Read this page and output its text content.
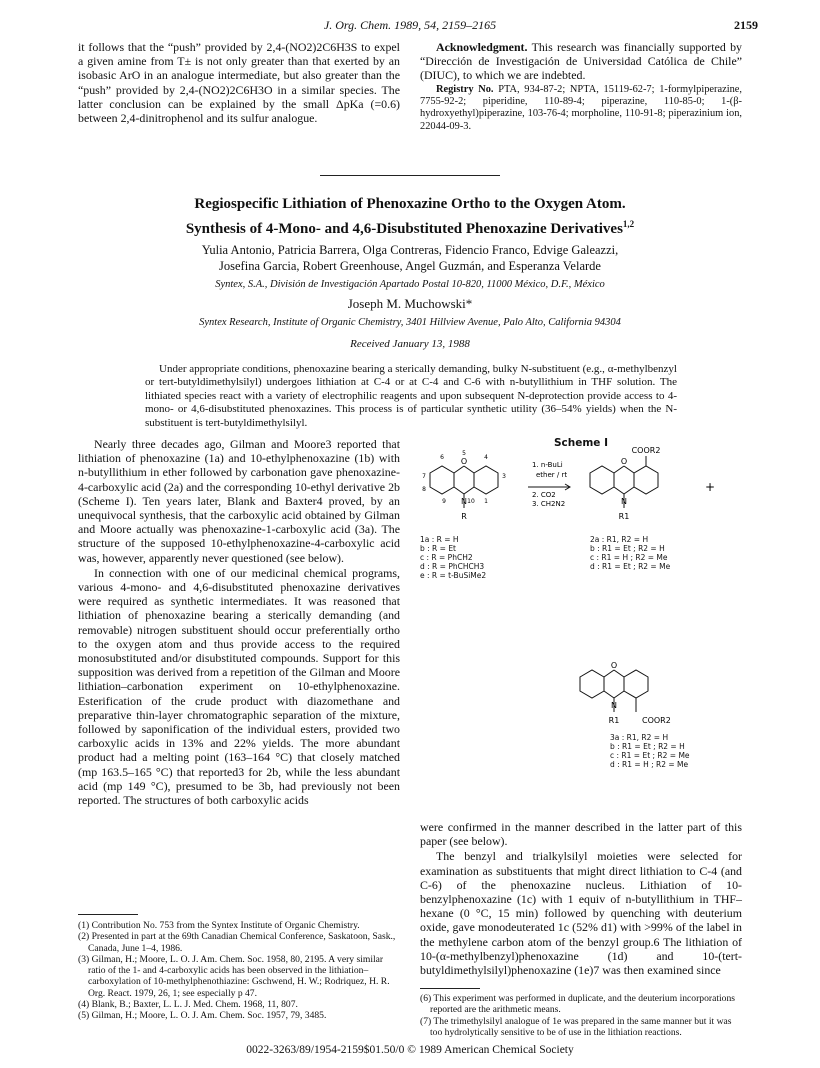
J. Org. Chem. 1989, 54, 2159–2165	2159

it follows that the “push” provided by 2,4-(NO2)2C6H3S to expel a given amine from T± is not only greater than that exerted by an isobasic ArO in an analogue intermediate, but also greater than the “push” provided by 2,4-(NO2)2C6H3O in a similar species. The latter conclusion can be explained by the small ΔpKa (=0.6) between 2,4-dinitrophenol and its sulfur analogue.

Acknowledgment. This research was financially supported by “Dirección de Investigación de Universidad Católica de Chile” (DIUC), to which we are indebted.

Registry No. PTA, 934-87-2; NPTA, 15119-62-7; 1-formylpiperazine, 7755-92-2; piperidine, 110-89-4; piperazine, 110-85-0; 1-(β-hydroxyethyl)piperazine, 103-76-4; morpholine, 110-91-8; piperazinium ion, 22044-09-3.

Regiospecific Lithiation of Phenoxazine Ortho to the Oxygen Atom.
Synthesis of 4-Mono- and 4,6-Disubstituted Phenoxazine Derivatives$^{1,2}$
Yulia Antonio, Patricia Barrera, Olga Contreras, Fidencio Franco, Edvige Galeazzi,
Josefina Garcia, Robert Greenhouse, Angel Guzmán, and Esperanza Velarde
Syntex, S.A., División de Investigación Apartado Postal 10-820, 11000 México, D.F., México
Joseph M. Muchowski*
Syntex Research, Institute of Organic Chemistry, 3401 Hillview Avenue, Palo Alto, California 94304
Received January 13, 1988

Under appropriate conditions, phenoxazine bearing a sterically demanding, bulky N-substituent (e.g., α-methylbenzyl or tert-butyldimethylsilyl) undergoes lithiation at C-4 or at C-4 and C-6 with n-butyllithium in THF solution. The lithiated species react with a variety of electrophilic reagents and upon subsequent N-deprotection provide access to 4-mono- or 4,6-disubstituted phenoxazines. This process is of particular synthetic utility (36–54% yields) when the N-substituent is tert-butyldimethylsilyl.

Nearly three decades ago, Gilman and Moore3 reported that lithiation of phenoxazine (1a) and 10-ethylphenoxazine (1b) with n-butyllithium in ether followed by carbonation gave phenoxazine-4-carboxylic acid (2a) and the corresponding 10-ethyl derivative 2b (Scheme I). Ten years later, Blank and Baxter4 proved, by an unequivocal synthesis, that the carboxylic acid obtained by Gilman and Moore actually was phenoxazine-1-carboxylic acid (3a). The structure of the supposed 10-ethylphenoxazine-4-carboxylic acid was, however, apparently never questioned (see below).

In connection with one of our medicinal chemical programs, various 4-mono- and 4,6-disubstituted phenoxazine derivatives were required as synthetic intermediates. It was reasoned that lithiation of phenoxazine bearing a sterically demanding (and removable) nitrogen substituent should occur preferentially ortho to the oxygen atom and thus provide access to the required monosubstituted and/or disubstituted compounds. Support for this supposition was derived from a repetition of the Gilman and Moore lithiation–carbonation experiment on 10-ethylphenoxazine. Esterification of the crude product with diazomethane and preparative thin-layer chromatographic separation of the mixture, followed by saponification of the individual esters, provided two carboxylic acids in 13% and 22% yields. The more abundant product had a melting point (163–164 °C) that closely matched (mp 163.5–165 °C) that reported3 for 2b, while the less abundant acid (mp 149 °C), presumed to be 3b, had previously not been reported. The structures of both carboxylic acids

Scheme I
O
N
R
6
5
4
7	3
8
9	10 1
1. n-BuLi
ether / rt
2. CO2
3. CH2N2
O
N
R1
COOR2
+
O
N
R1	COOR2
1a : R = H
b : R = Et
c : R = PhCH2
d : R = PhCHCH3
e : R = t-BuSiMe2
2a : R1, R2 = H
b : R1 = Et ; R2 = H
c : R1 = H ; R2 = Me
d : R1 = Et ; R2 = Me
3a : R1, R2 = H
b : R1 = Et ; R2 = H
c : R1 = Et ; R2 = Me
d : R1 = H ; R2 = Me

were confirmed in the manner described in the latter part of this paper (see below).

The benzyl and trialkylsilyl moieties were selected for examination as substituents that might direct lithiation to C-4 (and C-6) of the phenoxazine nucleus. Lithiation of 10-benzylphenoxazine (1c) with 1 equiv of n-butyllithium in THF–hexane (0 °C, 15 min) followed by quenching with deuterium oxide, gave monodeuterated 1c (52% d1) with >99% of the label in the methylene carbon atom of the benzyl group.6 The lithiation of 10-(α-methylbenzyl)phenoxazine (1d) and 10-(tert-butyldimethylsilyl)phenoxazine (1e)7 was then examined since

(1) Contribution No. 753 from the Syntex Institute of Organic Chemistry.

(2) Presented in part at the 69th Canadian Chemical Conference, Saskatoon, Sask., Canada, June 1–4, 1986.

(3) Gilman, H.; Moore, L. O. J. Am. Chem. Soc. 1958, 80, 2195. A very similar ratio of the 1- and 4-carboxylic acids has been observed in the lithiation–carboxylation of 10-methylphenothiazine: Gschwend, H. W.; Rodriquez, H. R. Org. React. 1979, 26, 1; see especially p 47.

(4) Blank, B.; Baxter, L. L. J. Med. Chem. 1968, 11, 807.

(5) Gilman, H.; Moore, L. O. J. Am. Chem. Soc. 1957, 79, 3485.

(6) This experiment was performed in duplicate, and the deuterium incorporations reported are the arithmetic means.

(7) The trimethylsilyl analogue of 1e was prepared in the same manner but it was too hydrolytically sensitive to be of use in the lithiation reactions.

0022-3263/89/1954-2159$01.50/0 © 1989 American Chemical Society
